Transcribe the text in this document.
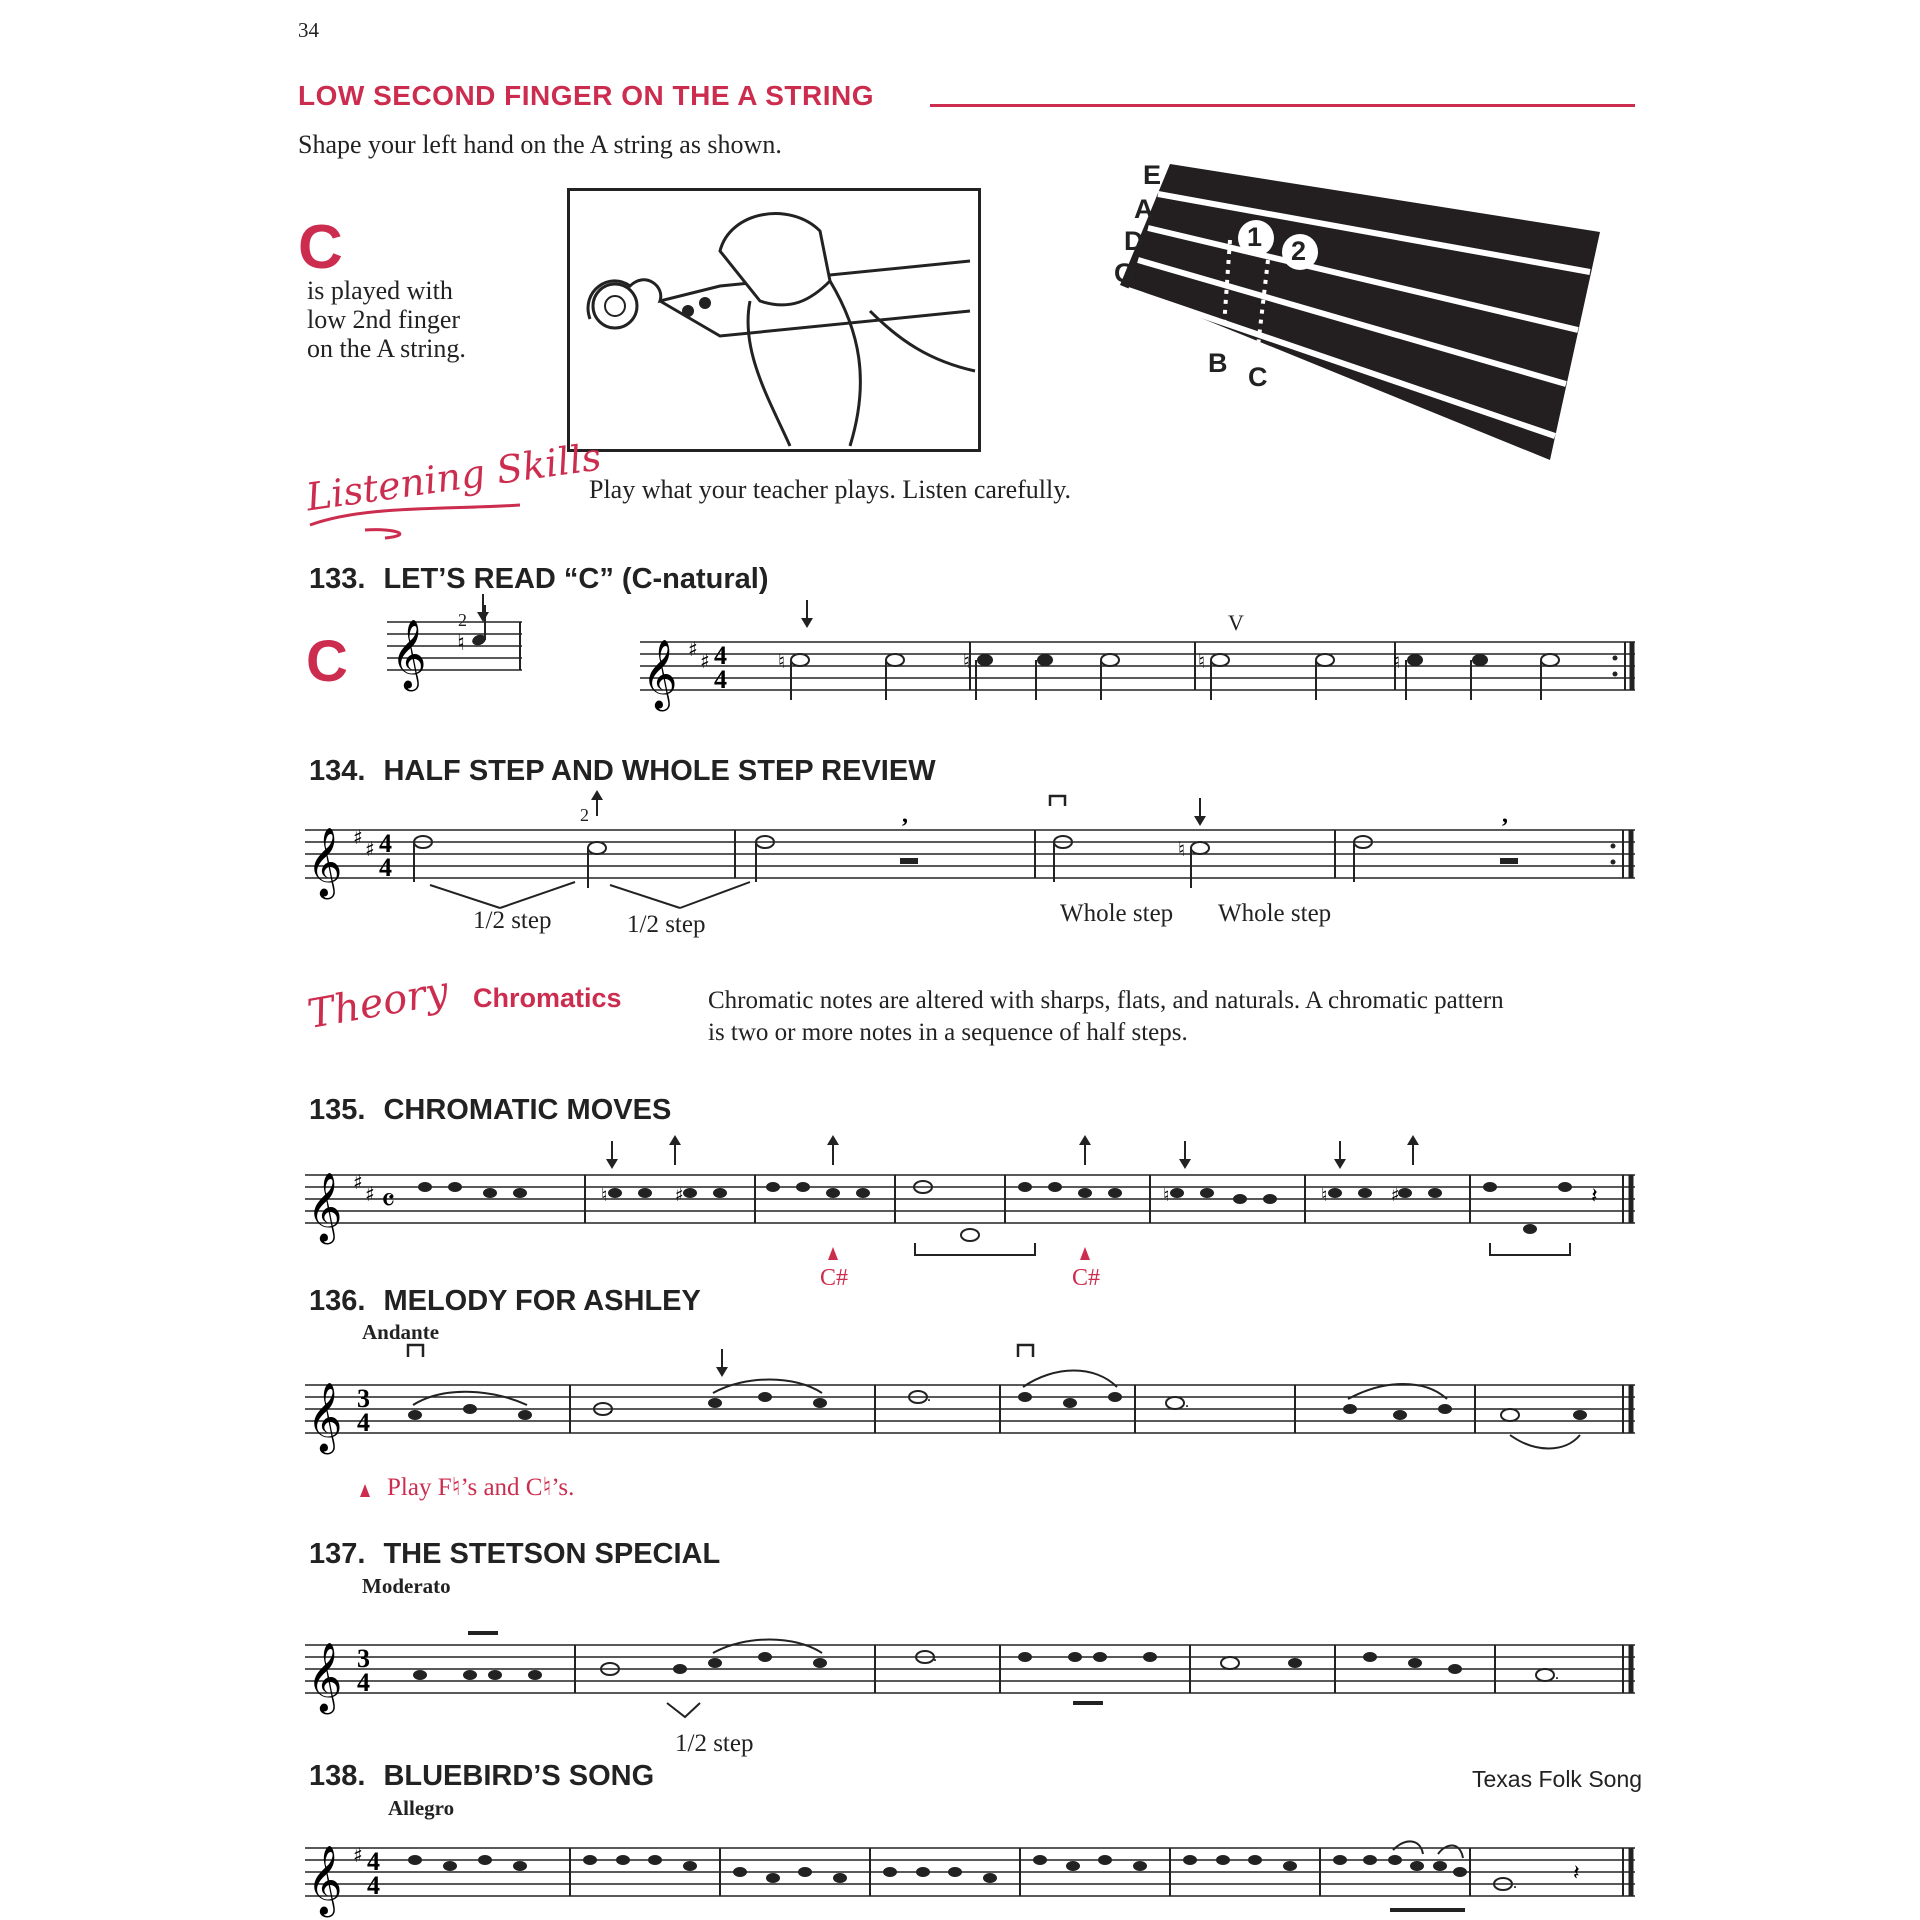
34
LOW SECOND FINGER ON THE A STRING
Shape your left hand on the A string as shown.
C
is played with
low 2nd finger
on the A string.
E
A
D
G
1 2
B C
Listening Skills
Play what your teacher plays. Listen carefully.
133. LET’S READ “C” (C-natural)
C
2
𝄞 ♮
V
𝄞 ♯ ♯ 4
4
♮	♮	♮	♮
134. HALF STEP AND WHOLE STEP REVIEW
2
𝄞 ♯ ♯ 4
4
♮
,	,
1/2 step	1/2 step	Whole step Whole step
Theory Chromatics	Chromatic notes are altered with sharps, flats, and naturals. A chromatic pattern
is two or more notes in a sequence of half steps.
135. CHROMATIC MOVES
𝄞 ♯ ♯ 𝄴	♮	♯	♮	♮	♯	𝄽
C#	C#
136. MELODY FOR ASHLEY
Andante
𝄞 3
4	.
.	.
Play F♮’s and C♮’s.
137. THE STETSON SPECIAL
Moderato
𝄞 3
4
.
.
1/2 step
138. BLUEBIRD’S SONG	Texas Folk Song
Allegro
𝄞 ♯ 4
4	.	𝄽
